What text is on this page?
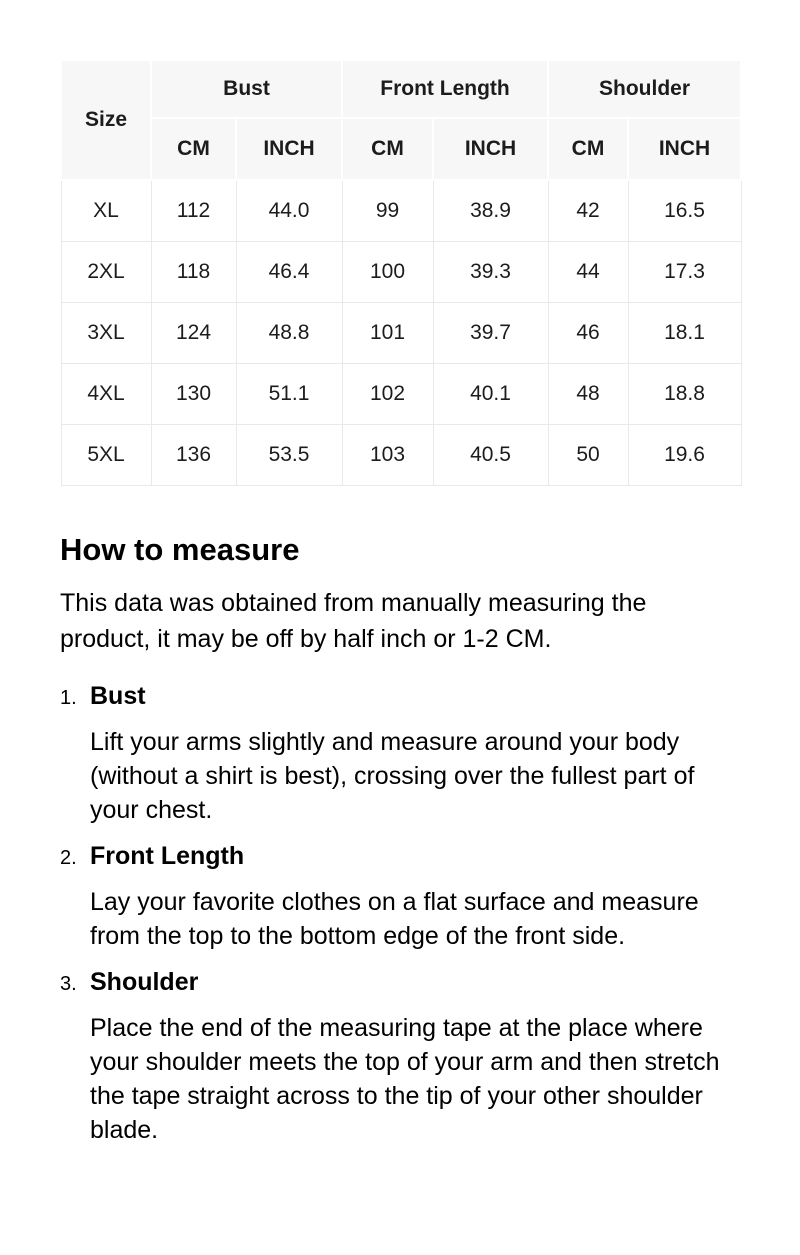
Size	Bust		Front Length		Shoulder	
	CM	INCH	CM	INCH	CM	INCH
XL	112	44.0	99	38.9	42	16.5
2XL	118	46.4	100	39.3	44	17.3
3XL	124	48.8	101	39.7	46	18.1
4XL	130	51.1	102	40.1	48	18.8
5XL	136	53.5	103	40.5	50	19.6
How to measure

This data was obtained from manually measuring the product, it may be off by half inch or 1-2 CM.

1. Bust

Lift your arms slightly and measure around your body (without a shirt is best), crossing over the fullest part of your chest.

2. Front Length

Lay your favorite clothes on a flat surface and measure from the top to the bottom edge of the front side.

3. Shoulder

Place the end of the measuring tape at the place where your shoulder meets the top of your arm and then stretch the tape straight across to the tip of your other shoulder blade.
